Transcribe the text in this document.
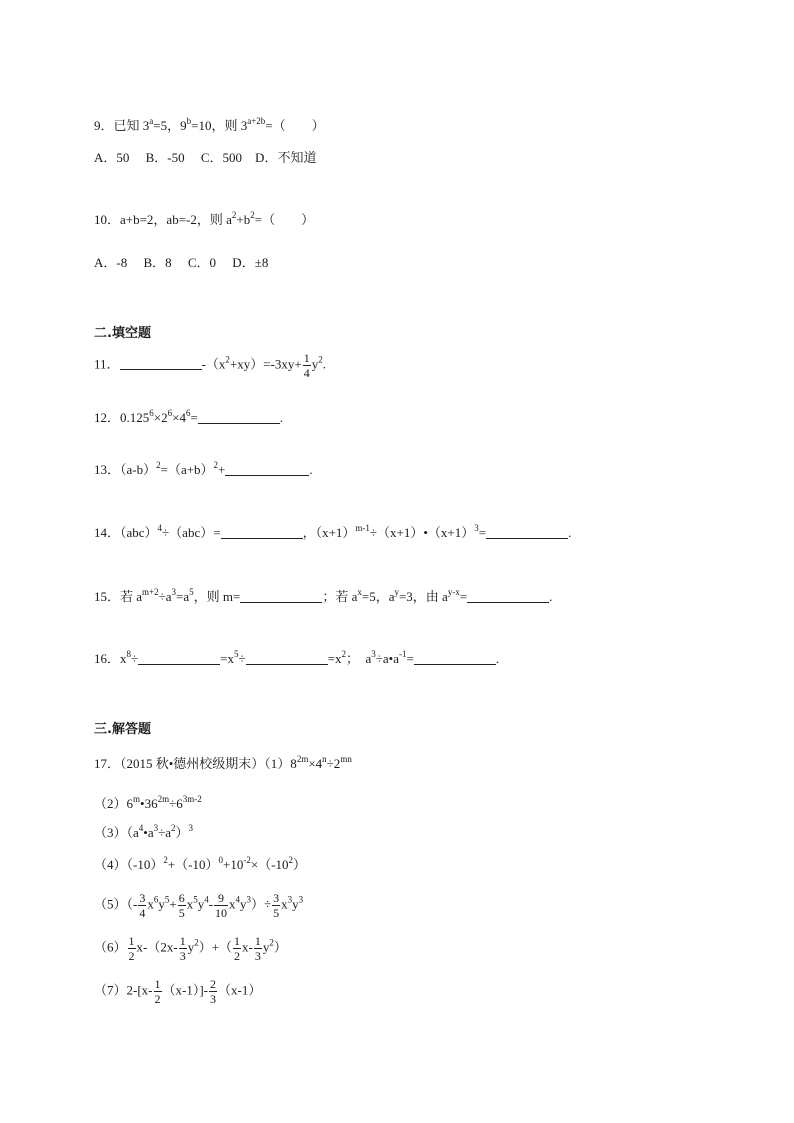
9．已知 $3^a=5$，$9^b=10$，则 $3^{a+2b}=$（　　）
A．50　 B．-50　 C．500　D．不知道
10．a+b=2，ab=-2，则 $a^2+b^2=$（　　）
A．-8　 B．8　 C．0　 D．±8
二.填空题
11．	$-(x^2+xy)=-3xy+ \frac{1}{4} y^2$.
12．$0.125^6\times 2^6\times 4^6=$	.
13．$(a-b)^2=(a+b)^2+$	.
14．（abc）$^4$÷（abc）=	，$(x+1)^{m-1}\div(x+1)•(x+1)^3=$	.
15．若 $a^{m+2}\div a^3=a^5$，则 m=	；若 $a^x=5$，$a^y=3$，由 $a^{y-x}=$	.
16．$x^8\div$	$=x^5\div$	$=x^2$；　$a^3\div a•a^{-1}=$	.
三.解答题
17．（2015 秋•德州校级期末）$(1)8^{2m}\times 4^n\div 2^{mn}$
$(2)6^m•36^{2m}\div 6^{3m-2}$
$(3)(a^4•a^3\div a^2)^3$
$(4)(-10)^2+(-10)^0+10^{-2}\times(-10^2)$
$(5)(- \frac{3}{4} x^6y^5+ \frac{6}{5} x^5y^4- \frac{9}{10} x^4y^3)\div \frac{3}{5} x^3y^3$
$(6) \frac{1}{2} x-(2x- \frac{1}{3} y^2)+( \frac{1}{2} x- \frac{1}{3} y^2)$
$(7)2-[x- \frac{1}{2} (x-1)]- \frac{2}{3} (x-1)$
